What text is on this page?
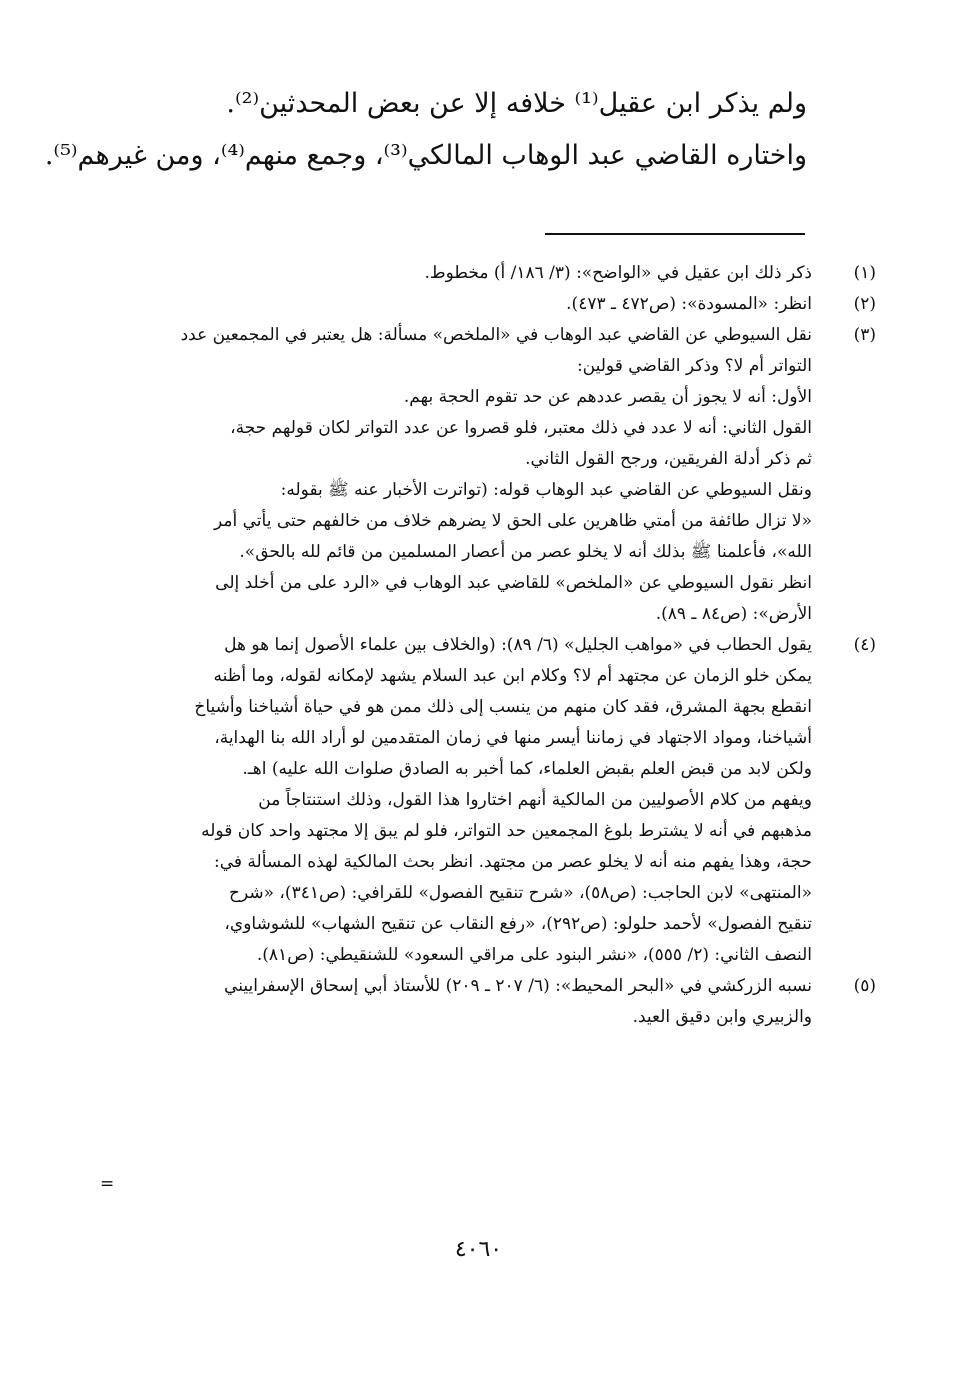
ولم يذكر ابن عقيل⁽¹⁾ خلافه إلا عن بعض المحدثين⁽²⁾.
واختاره القاضي عبد الوهاب المالكي⁽³⁾، وجمع منهم⁽⁴⁾، ومن غيرهم⁽⁵⁾.
(١)
ذكر ذلك ابن عقيل في «الواضح»: (٣/ ١٨٦/ أ) مخطوط.
(٢)
انظر: «المسودة»: (ص٤٧٢ ـ ٤٧٣).
(٣)
نقل السيوطي عن القاضي عبد الوهاب في «الملخص» مسألة: هل يعتبر في المجمعين عدد
التواتر أم لا؟ وذكر القاضي قولين:
الأول: أنه لا يجوز أن يقصر عددهم عن حد تقوم الحجة بهم.
القول الثاني: أنه لا عدد في ذلك معتبر، فلو قصروا عن عدد التواتر لكان قولهم حجة،
ثم ذكر أدلة الفريقين، ورجح القول الثاني.
ونقل السيوطي عن القاضي عبد الوهاب قوله: (تواترت الأخبار عنه ﷺ بقوله:
«لا تزال طائفة من أمتي ظاهرين على الحق لا يضرهم خلاف من خالفهم حتى يأتي أمر
الله»، فأعلمنا ﷺ بذلك أنه لا يخلو عصر من أعصار المسلمين من قائم لله بالحق».
انظر نقول السيوطي عن «الملخص» للقاضي عبد الوهاب في «الرد على من أخلد إلى
الأرض»: (ص٨٤ ـ ٨٩).
(٤)
يقول الحطاب في «مواهب الجليل» (٦/ ٨٩): (والخلاف بين علماء الأصول إنما هو هل
يمكن خلو الزمان عن مجتهد أم لا؟ وكلام ابن عبد السلام يشهد لإمكانه لقوله، وما أظنه
انقطع بجهة المشرق، فقد كان منهم من ينسب إلى ذلك ممن هو في حياة أشياخنا وأشياخ
أشياخنا، ومواد الاجتهاد في زماننا أيسر منها في زمان المتقدمين لو أراد الله بنا الهداية،
ولكن لابد من قبض العلم بقبض العلماء، كما أخبر به الصادق صلوات الله عليه) اهـ.
ويفهم من كلام الأصوليين من المالكية أنهم اختاروا هذا القول، وذلك استنتاجاً من
مذهبهم في أنه لا يشترط بلوغ المجمعين حد التواتر، فلو لم يبق إلا مجتهد واحد كان قوله
حجة، وهذا يفهم منه أنه لا يخلو عصر من مجتهد. انظر بحث المالكية لهذه المسألة في:
«المنتهى» لابن الحاجب: (ص٥٨)، «شرح تنقيح الفصول» للقرافي: (ص٣٤١)، «شرح
تنقيح الفصول» لأحمد حلولو: (ص٢٩٢)، «رفع النقاب عن تنقيح الشهاب» للشوشاوي،
النصف الثاني: (٢/ ٥٥٥)، «نشر البنود على مراقي السعود» للشنقيطي: (ص٨١).
(٥)
نسبه الزركشي في «البحر المحيط»: (٦/ ٢٠٧ ـ ٢٠٩) للأستاذ أبي إسحاق الإسفراييني
والزبيري وابن دقيق العيد.
=
٤٠٦٠
